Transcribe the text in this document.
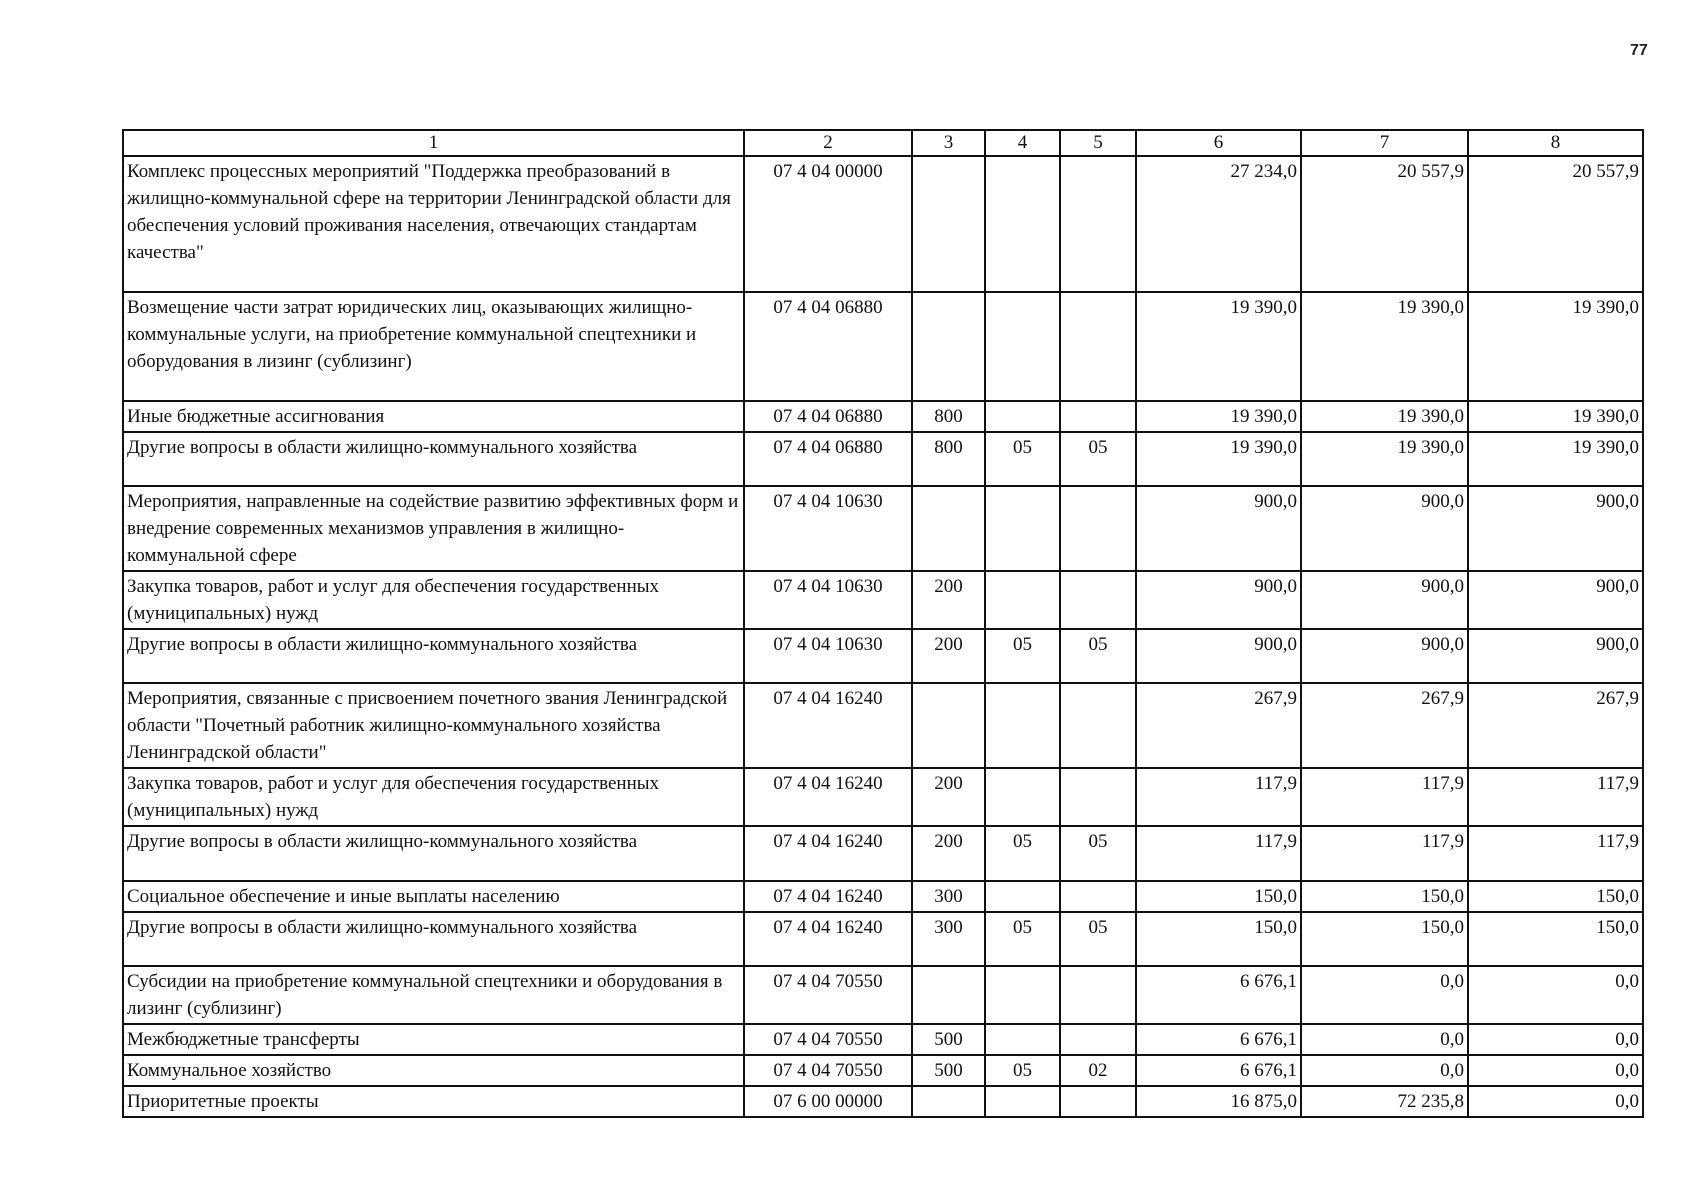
77
1	2	3	4	5	6	7	8
Комплекс процессных мероприятий "Поддержка преобразований в жилищно-коммунальной сфере на территории Ленинградской области для обеспечения условий проживания населения, отвечающих стандартам качества"	07 4 04 00000				27 234,0	20 557,9	20 557,9
Возмещение части затрат юридических лиц, оказывающих жилищно-коммунальные услуги, на приобретение коммунальной спецтехники и оборудования в лизинг (сублизинг)	07 4 04 06880				19 390,0	19 390,0	19 390,0
Иные бюджетные ассигнования	07 4 04 06880	800			19 390,0	19 390,0	19 390,0
Другие вопросы в области жилищно-коммунального хозяйства	07 4 04 06880	800	05	05	19 390,0	19 390,0	19 390,0
Мероприятия, направленные на содействие развитию эффективных форм и внедрение современных механизмов управления в жилищно-коммунальной сфере	07 4 04 10630				900,0	900,0	900,0
Закупка товаров, работ и услуг для обеспечения государственных (муниципальных) нужд	07 4 04 10630	200			900,0	900,0	900,0
Другие вопросы в области жилищно-коммунального хозяйства	07 4 04 10630	200	05	05	900,0	900,0	900,0
Мероприятия, связанные с присвоением почетного звания Ленинградской области "Почетный работник жилищно-коммунального хозяйства Ленинградской области"	07 4 04 16240				267,9	267,9	267,9
Закупка товаров, работ и услуг для обеспечения государственных (муниципальных) нужд	07 4 04 16240	200			117,9	117,9	117,9
Другие вопросы в области жилищно-коммунального хозяйства	07 4 04 16240	200	05	05	117,9	117,9	117,9
Социальное обеспечение и иные выплаты населению	07 4 04 16240	300			150,0	150,0	150,0
Другие вопросы в области жилищно-коммунального хозяйства	07 4 04 16240	300	05	05	150,0	150,0	150,0
Субсидии на приобретение коммунальной спецтехники и оборудования в лизинг (сублизинг)	07 4 04 70550				6 676,1	0,0	0,0
Межбюджетные трансферты	07 4 04 70550	500			6 676,1	0,0	0,0
Коммунальное хозяйство	07 4 04 70550	500	05	02	6 676,1	0,0	0,0
Приоритетные проекты	07 6 00 00000				16 875,0	72 235,8	0,0
